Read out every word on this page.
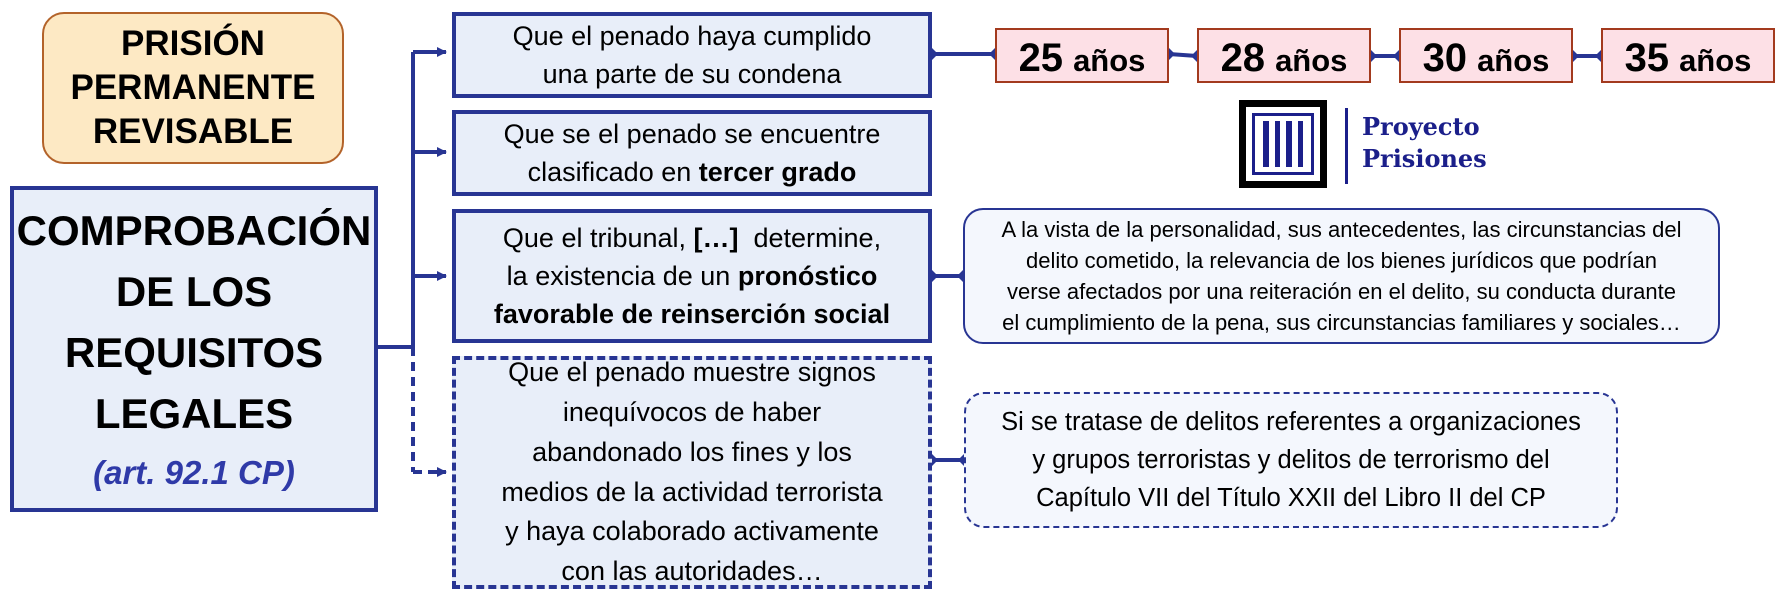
PRISIÓN
PERMANENTE
REVISABLE
COMPROBACIÓN
DE LOS
REQUISITOS
LEGALES
(art. 92.1 CP)
Que el penado haya cumplido
una parte de su condena
Que se el penado se encuentre
clasificado en tercer grado
Que el tribunal, […]  determine,
la existencia de un pronóstico
favorable de reinserción social
Que el penado muestre signos
inequívocos de haber
abandonado los fines y los
medios de la actividad terrorista
y haya colaborado activamente
con las autoridades…
25 años 28 años 30 años 35 años
Proyecto
Prisiones
A la vista de la personalidad, sus antecedentes, las circunstancias del
delito cometido, la relevancia de los bienes jurídicos que podrían
verse afectados por una reiteración en el delito, su conducta durante
el cumplimiento de la pena, sus circunstancias familiares y sociales…
Si se tratase de delitos referentes a organizaciones
y grupos terroristas y delitos de terrorismo del
Capítulo VII del Título XXII del Libro II del CP
